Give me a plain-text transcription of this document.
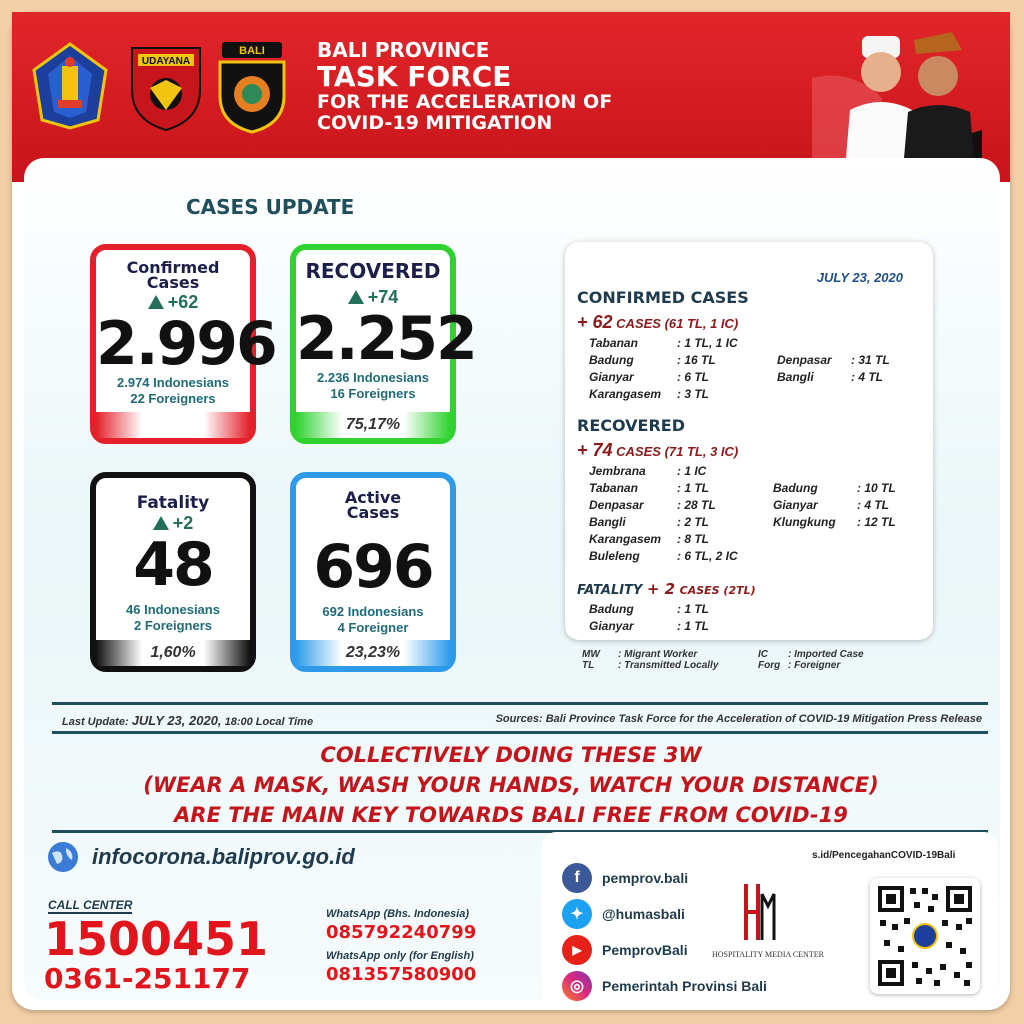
UDAYANA
BALI	BALI PROVINCE
TASK FORCE
FOR THE ACCELERATION OF
COVID-19 MITIGATION
CASES UPDATE
Confirmed
Cases
+62
2.996
2.974 Indonesians
22 Foreigners
RECOVERED
+74
2.252
2.236 Indonesians
16 Foreigners
75,17%
Fatality
+2
48
46 Indonesians
2 Foreigners
1,60%
Active
Cases
696
692 Indonesians
4 Foreigner
23,23%
JULY 23, 2020
CONFIRMED CASES
+ 62 CASES (61 TL, 1 IC)
Tabanan	: 1 TL, 1 IC
Badung	: 16 TL	Denpasar : 31 TL
Gianyar	: 6 TL	Bangli	: 4 TL
Karangasem : 3 TL
RECOVERED
+ 74 CASES (71 TL, 3 IC)
Jembrana	: 1 IC
Tabanan	: 1 TL	Badung	: 10 TL
Denpasar	: 28 TL	Gianyar	: 4 TL
Bangli	: 2 TL	Klungkung : 12 TL
Karangasem : 8 TL
Buleleng	: 6 TL, 2 IC
FATALITY + 2 CASES (2TL)
Badung	: 1 TL
Gianyar	: 1 TL
MW : Migrant Worker
TL : Transmitted Locally
IC : Imported Case
Forg : Foreigner
Last Update: JULY 23, 2020, 18:00 Local Time	Sources: Bali Province Task Force for the Acceleration of COVID-19 Mitigation Press Release
COLLECTIVELY DOING THESE 3W
(WEAR A MASK, WASH YOUR HANDS, WATCH YOUR DISTANCE)
ARE THE MAIN KEY TOWARDS BALI FREE FROM COVID-19
infocorona.baliprov.go.id
CALL CENTER
1500451
0361-251177
WhatsApp (Bhs. Indonesia)
085792240799
WhatsApp only (for English)
081357580900
f	pemprov.bali
✦	@humasbali
▶	PemprovBali
◎	Pemerintah Provinsi Bali
HOSPITALITY MEDIA CENTER
s.id/PencegahanCOVID-19Bali
